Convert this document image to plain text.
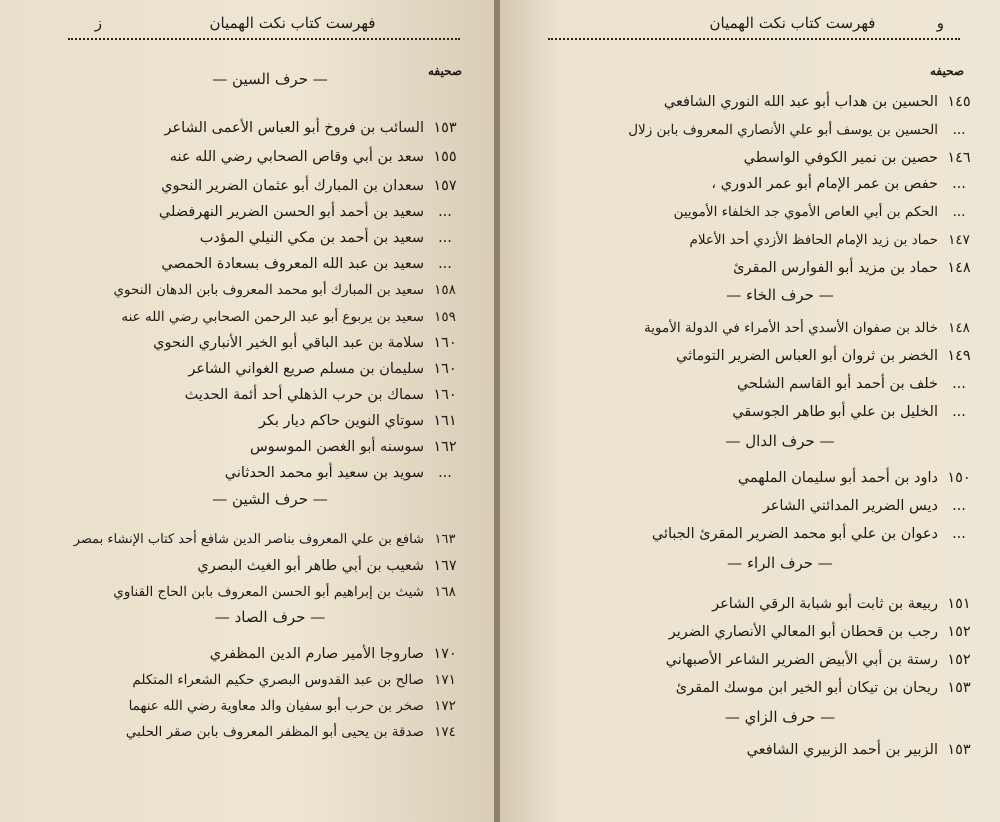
فهرست كتاب نكت الهميان
ز
صحيفه
— حرف السين —
١٥٣السائب بن فروخ أبو العباس الأعمى الشاعر
١٥٥سعد بن أبي وقاص الصحابي رضي الله عنه
١٥٧سعدان بن المبارك أبو عثمان الضرير النحوي
...سعيد بن أحمد أبو الحسن الضرير النهرفضلي
...سعيد بن أحمد بن مكي النيلي المؤدب
...سعيد بن عبد الله المعروف بسعادة الحمصي
١٥٨سعيد بن المبارك أبو محمد المعروف بابن الدهان النحوي
١٥٩سعيد بن يربوع أبو عبد الرحمن الصحابي رضي الله عنه
١٦٠سلامة بن عبد الباقي أبو الخير الأنباري النحوي
١٦٠سليمان بن مسلم صريع الغواني الشاعر
١٦٠سماك بن حرب الذهلي أحد أئمة الحديث
١٦١سوتاي النوين حاكم ديار بكر
١٦٢سوسنه أبو الغصن الموسوس
...سويد بن سعيد أبو محمد الحدثاني
— حرف الشين —
١٦٣شافع بن علي المعروف بناصر الدين شافع أحد كتاب الإنشاء بمصر
١٦٧شعيب بن أبي طاهر أبو الغيث البصري
١٦٨شيث بن إبراهيم أبو الحسن المعروف بابن الحاج القناوي
— حرف الصاد —
١٧٠صاروجا الأمير صارم الدين المظفري
١٧١صالح بن عبد القدوس البصري حكيم الشعراء المتكلم
١٧٢صخر بن حرب أبو سفيان والد معاوية رضي الله عنهما
١٧٤صدقة بن يحيى أبو المظفر المعروف بابن صقر الحلبي
فهرست كتاب نكت الهميان	و
صحيفه
١٤٥الحسين بن هداب أبو عبد الله النوري الشافعي
...الحسين بن يوسف أبو علي الأنصاري المعروف بابن زلال
١٤٦حصين بن نمير الكوفي الواسطي
...حفص بن عمر الإمام أبو عمر الدوري ،
...الحكم بن أبي العاص الأموي جد الخلفاء الأمويين
١٤٧حماد بن زيد الإمام الحافظ الأزدي أحد الأعلام
١٤٨حماد بن مزيد أبو الفوارس المقرئ
— حرف الخاء —
١٤٨خالد بن صفوان الأسدي أحد الأمراء في الدولة الأموية
١٤٩الخضر بن ثروان أبو العباس الضرير التوماثي
...خلف بن أحمد أبو القاسم الشلحي
...الخليل بن علي أبو طاهر الجوسقي
— حرف الدال —
١٥٠داود بن أحمد أبو سليمان الملهمي
...ديس الضرير المدائني الشاعر
...دعوان بن علي أبو محمد الضرير المقرئ الجبائي
— حرف الراء —
١٥١ربيعة بن ثابت أبو شبابة الرقي الشاعر
١٥٢رجب بن قحطان أبو المعالي الأنصاري الضرير
١٥٢رستة بن أبي الأبيض الضرير الشاعر الأصبهاني
١٥٣ريحان بن تيكان أبو الخير ابن موسك المقرئ
— حرف الزاي —
١٥٣الزبير بن أحمد الزبيري الشافعي
